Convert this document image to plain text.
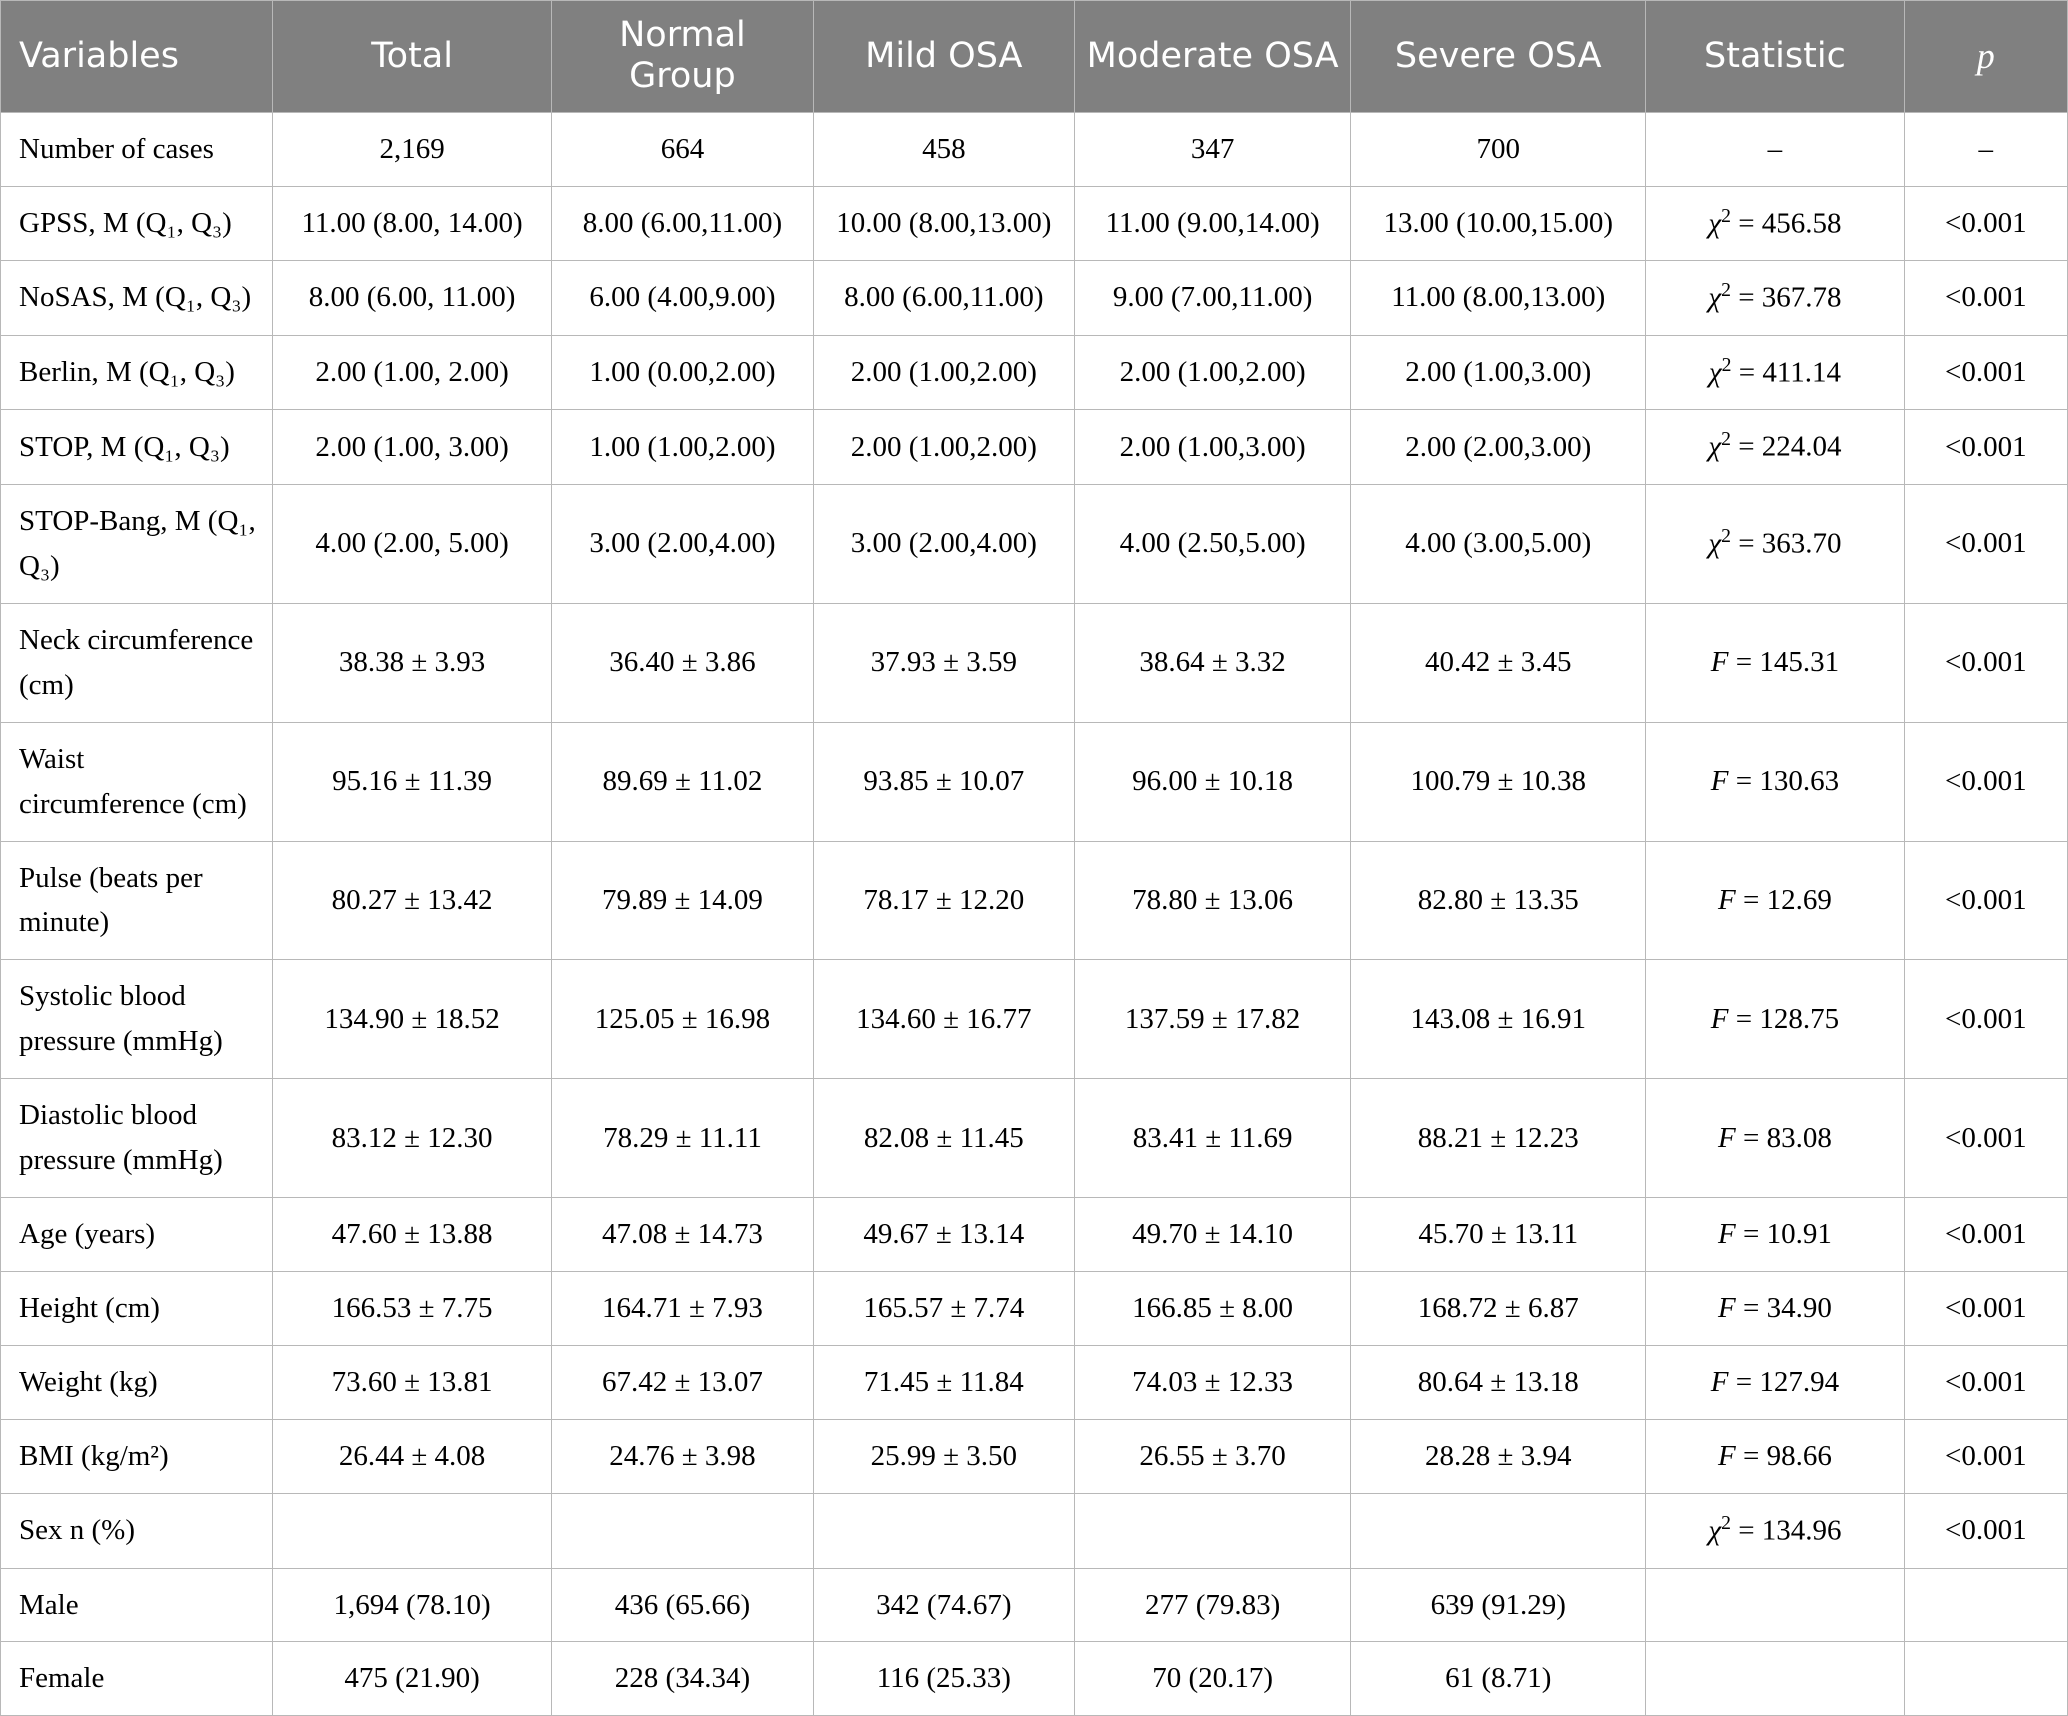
Variables	Total	Normal Group	Mild OSA	Moderate OSA	Severe OSA	Statistic	p
Number of cases	2,169	664	458	347	700	–	–
GPSS, M (Q₁, Q₃)	11.00 (8.00, 14.00)	8.00 (6.00,11.00)	10.00 (8.00,13.00)	11.00 (9.00,14.00)	13.00 (10.00,15.00)	$\chi^2 = 456.58$	<0.001
NoSAS, M (Q₁, Q₃)	8.00 (6.00, 11.00)	6.00 (4.00,9.00)	8.00 (6.00,11.00)	9.00 (7.00,11.00)	11.00 (8.00,13.00)	$\chi^2 = 367.78$	<0.001
Berlin, M (Q₁, Q₃)	2.00 (1.00, 2.00)	1.00 (0.00,2.00)	2.00 (1.00,2.00)	2.00 (1.00,2.00)	2.00 (1.00,3.00)	$\chi^2 = 411.14$	<0.001
STOP, M (Q₁, Q₃)	2.00 (1.00, 3.00)	1.00 (1.00,2.00)	2.00 (1.00,2.00)	2.00 (1.00,3.00)	2.00 (2.00,3.00)	$\chi^2 = 224.04$	<0.001
STOP-Bang, M (Q₁, Q₃)	4.00 (2.00, 5.00)	3.00 (2.00,4.00)	3.00 (2.00,4.00)	4.00 (2.50,5.00)	4.00 (3.00,5.00)	$\chi^2 = 363.70$	<0.001
Neck circumference (cm)	38.38 ± 3.93	36.40 ± 3.86	37.93 ± 3.59	38.64 ± 3.32	40.42 ± 3.45	F = 145.31	<0.001
Waist circumference (cm)	95.16 ± 11.39	89.69 ± 11.02	93.85 ± 10.07	96.00 ± 10.18	100.79 ± 10.38	F = 130.63	<0.001
Pulse (beats per minute)	80.27 ± 13.42	79.89 ± 14.09	78.17 ± 12.20	78.80 ± 13.06	82.80 ± 13.35	F = 12.69	<0.001
Systolic blood pressure (mmHg)	134.90 ± 18.52	125.05 ± 16.98	134.60 ± 16.77	137.59 ± 17.82	143.08 ± 16.91	F = 128.75	<0.001
Diastolic blood pressure (mmHg)	83.12 ± 12.30	78.29 ± 11.11	82.08 ± 11.45	83.41 ± 11.69	88.21 ± 12.23	F = 83.08	<0.001
Age (years)	47.60 ± 13.88	47.08 ± 14.73	49.67 ± 13.14	49.70 ± 14.10	45.70 ± 13.11	F = 10.91	<0.001
Height (cm)	166.53 ± 7.75	164.71 ± 7.93	165.57 ± 7.74	166.85 ± 8.00	168.72 ± 6.87	F = 34.90	<0.001
Weight (kg)	73.60 ± 13.81	67.42 ± 13.07	71.45 ± 11.84	74.03 ± 12.33	80.64 ± 13.18	F = 127.94	<0.001
BMI (kg/m²)	26.44 ± 4.08	24.76 ± 3.98	25.99 ± 3.50	26.55 ± 3.70	28.28 ± 3.94	F = 98.66	<0.001
Sex n (%)						$\chi^2 = 134.96$	<0.001
Male	1,694 (78.10)	436 (65.66)	342 (74.67)	277 (79.83)	639 (91.29)		
Female	475 (21.90)	228 (34.34)	116 (25.33)	70 (20.17)	61 (8.71)		
